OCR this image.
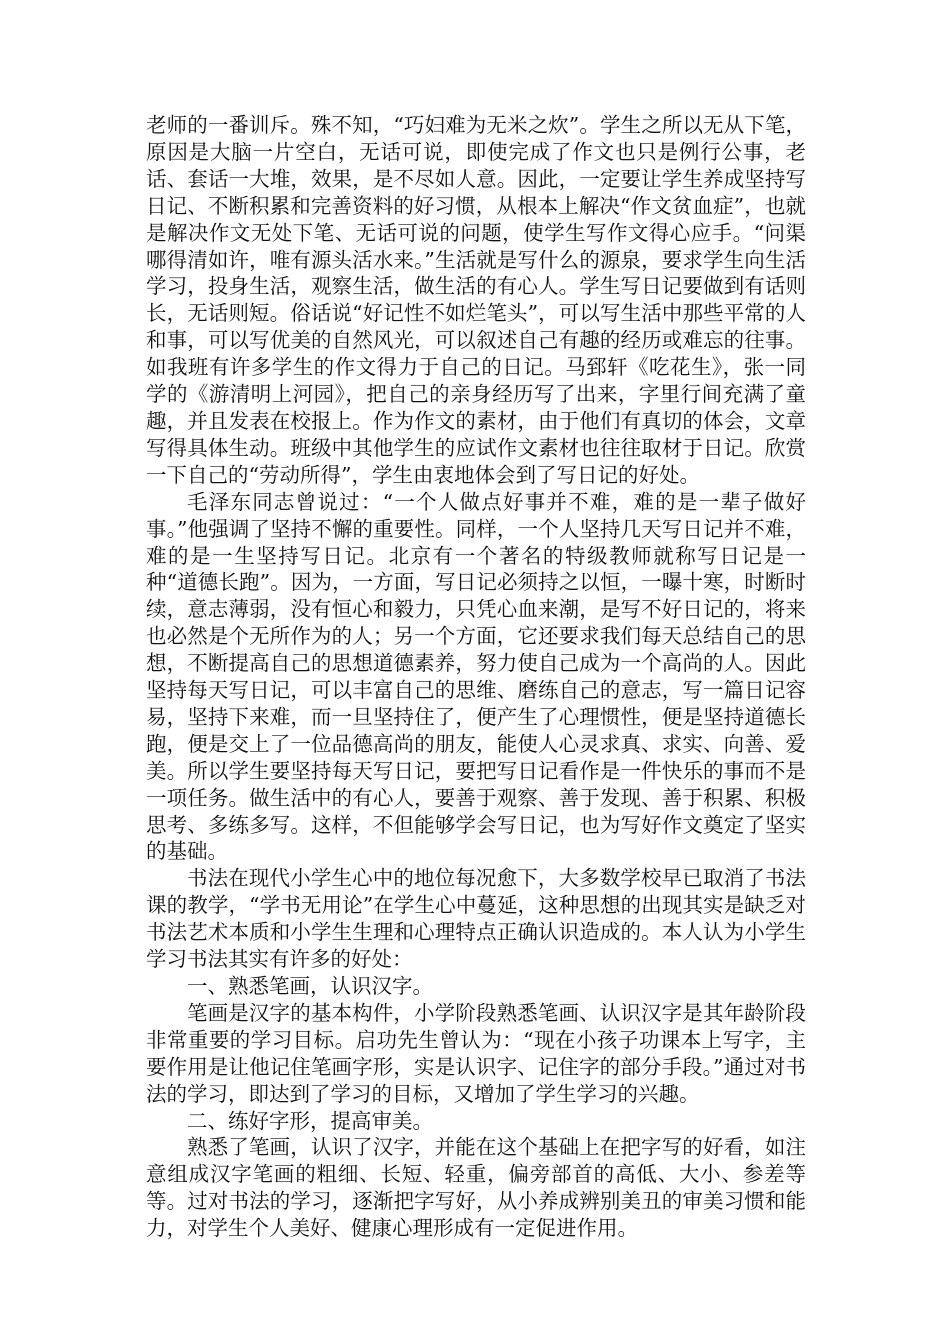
老师的一番训斥。殊不知，“巧妇难为无米之炊”。学生之所以无从下笔，原因是大脑一片空白，无话可说，即使完成了作文也只是例行公事，老话、套话一大堆，效果，是不尽如人意。因此，一定要让学生养成坚持写日记、不断积累和完善资料的好习惯，从根本上解决“作文贫血症”，也就是解决作文无处下笔、无话可说的问题，使学生写作文得心应手。“问渠哪得清如许，唯有源头活水来。”生活就是写什么的源泉，要求学生向生活学习，投身生活，观察生活，做生活的有心人。学生写日记要做到有话则长，无话则短。俗话说“好记性不如烂笔头”，可以写生活中那些平常的人和事，可以写优美的自然风光，可以叙述自己有趣的经历或难忘的往事。如我班有许多学生的作文得力于自己的日记。马郅轩《吃花生》，张一同学的《游清明上河园》，把自己的亲身经历写了出来，字里行间充满了童趣，并且发表在校报上。作为作文的素材，由于他们有真切的体会，文章写得具体生动。班级中其他学生的应试作文素材也往往取材于日记。欣赏一下自己的“劳动所得”，学生由衷地体会到了写日记的好处。

毛泽东同志曾说过：“一个人做点好事并不难，难的是一辈子做好事。”他强调了坚持不懈的重要性。同样，一个人坚持几天写日记并不难，难的是一生坚持写日记。北京有一个著名的特级教师就称写日记是一种“道德长跑”。因为，一方面，写日记必须持之以恒，一曝十寒，时断时续，意志薄弱，没有恒心和毅力，只凭心血来潮，是写不好日记的，将来也必然是个无所作为的人；另一个方面，它还要求我们每天总结自己的思想，不断提高自己的思想道德素养，努力使自己成为一个高尚的人。因此坚持每天写日记，可以丰富自己的思维、磨练自己的意志，写一篇日记容易，坚持下来难，而一旦坚持住了，便产生了心理惯性，便是坚持道德长跑，便是交上了一位品德高尚的朋友，能使人心灵求真、求实、向善、爱美。所以学生要坚持每天写日记，要把写日记看作是一件快乐的事而不是一项任务。做生活中的有心人，要善于观察、善于发现、善于积累、积极思考、多练多写。这样，不但能够学会写日记，也为写好作文奠定了坚实的基础。

书法在现代小学生心中的地位每况愈下，大多数学校早已取消了书法课的教学，“学书无用论”在学生心中蔓延，这种思想的出现其实是缺乏对书法艺术本质和小学生生理和心理特点正确认识造成的。本人认为小学生学习书法其实有许多的好处：

一、熟悉笔画，认识汉字。

笔画是汉字的基本构件，小学阶段熟悉笔画、认识汉字是其年龄阶段非常重要的学习目标。启功先生曾认为：“现在小孩子功课本上写字，主要作用是让他记住笔画字形，实是认识字、记住字的部分手段。”通过对书法的学习，即达到了学习的目标，又增加了学生学习的兴趣。

二、练好字形，提高审美。

熟悉了笔画，认识了汉字，并能在这个基础上在把字写的好看，如注意组成汉字笔画的粗细、长短、轻重，偏旁部首的高低、大小、参差等等。过对书法的学习，逐渐把字写好，从小养成辨别美丑的审美习惯和能力，对学生个人美好、健康心理形成有一定促进作用。
